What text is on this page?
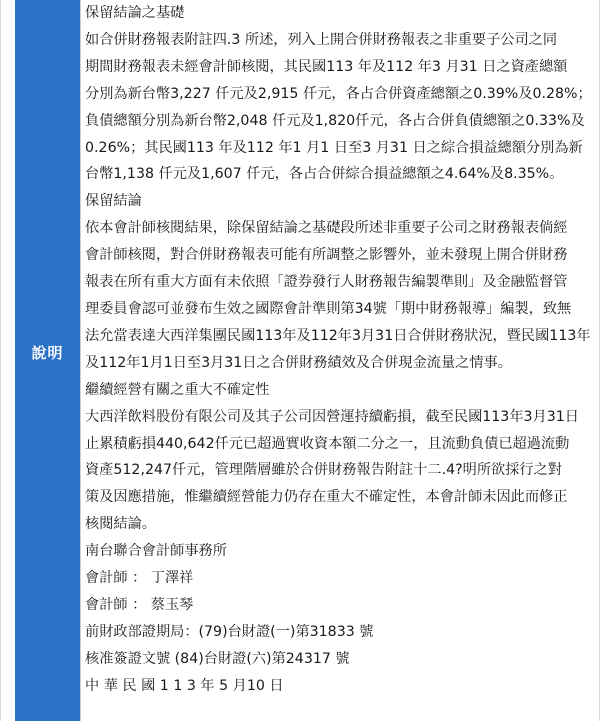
說明
保留結論之基礎
如合併財務報表附註四.3 所述，列入上開合併財務報表之非重要子公司之同
期間財務報表未經會計師核閱，其民國113 年及112 年3 月31 日之資產總額
分別為新台幣3,227 仟元及2,915 仟元，各占合併資產總額之0.39%及0.28%；
負債總額分別為新台幣2,048 仟元及1,820仟元，各占合併負債總額之0.33%及
0.26%；其民國113 年及112 年1 月1 日至3 月31 日之綜合損益總額分別為新
台幣1,138 仟元及1,607 仟元，各占合併綜合損益總額之4.64%及8.35%。
保留結論
依本會計師核閱結果，除保留結論之基礎段所述非重要子公司之財務報表倘經
會計師核閱，對合併財務報表可能有所調整之影響外，並未發現上開合併財務
報表在所有重大方面有未依照「證券發行人財務報告編製準則」及金融監督管
理委員會認可並發布生效之國際會計準則第34號「期中財務報導」編製，致無
法允當表達大西洋集團民國113年及112年3月31日合併財務狀況，暨民國113年
及112年1月1日至3月31日之合併財務績效及合併現金流量之情事。
繼續經營有關之重大不確定性
大西洋飲料股份有限公司及其子公司因營運持續虧損，截至民國113年3月31日
止累積虧損440,642仟元已超過實收資本額二分之一，且流動負債已超過流動
資產512,247仟元，管理階層雖於合併財務報告附註十二.4?明所欲採行之對
策及因應措施，惟繼續經營能力仍存在重大不確定性，本會計師未因此而修正
核閱結論。
南台聯合會計師事務所
會計師 ： 丁澤祥
會計師 ： 蔡玉琴
前財政部證期局：(79)台財證(一)第31833 號
核准簽證文號 (84)台財證(六)第24317 號
中 華 民 國 1 1 3 年 5 月10 日
